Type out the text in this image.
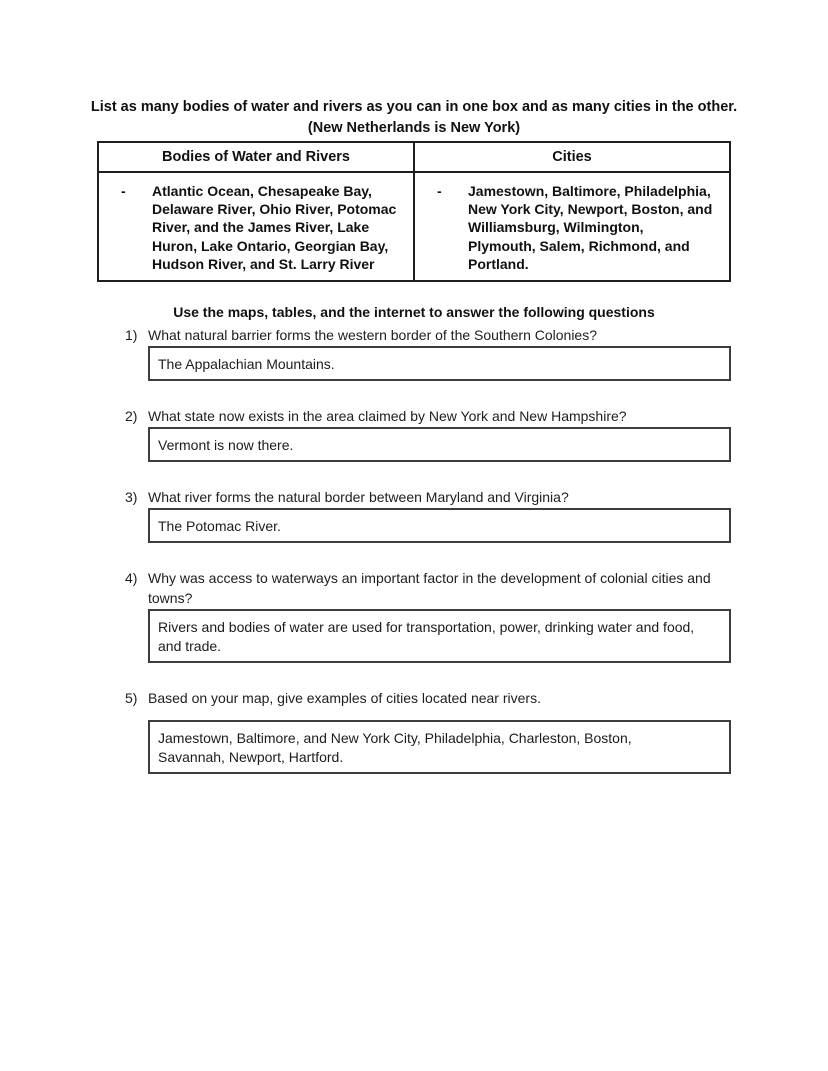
List as many bodies of water and rivers as you can in one box and as many cities in the other. (New Netherlands is New York)

Bodies of Water and Rivers	Cities

- Atlantic Ocean, Chesapeake Bay, Delaware River, Ohio River, Potomac River, and the James River, Lake Huron, Lake Ontario, Georgian Bay, Hudson River, and St. Larry River	- Jamestown, Baltimore, Philadelphia, New York City, Newport, Boston, and Williamsburg, Wilmington, Plymouth, Salem, Richmond, and Portland.

Use the maps, tables, and the internet to answer the following questions

1) What natural barrier forms the western border of the Southern Colonies?
The Appalachian Mountains.
2) What state now exists in the area claimed by New York and New Hampshire?
Vermont is now there.
3) What river forms the natural border between Maryland and Virginia?
The Potomac River.
4) Why was access to waterways an important factor in the development of colonial cities and towns?
Rivers and bodies of water are used for transportation, power, drinking water and food, and trade.
5) Based on your map, give examples of cities located near rivers.
Jamestown, Baltimore, and New York City, Philadelphia, Charleston, Boston, Savannah, Newport, Hartford.
